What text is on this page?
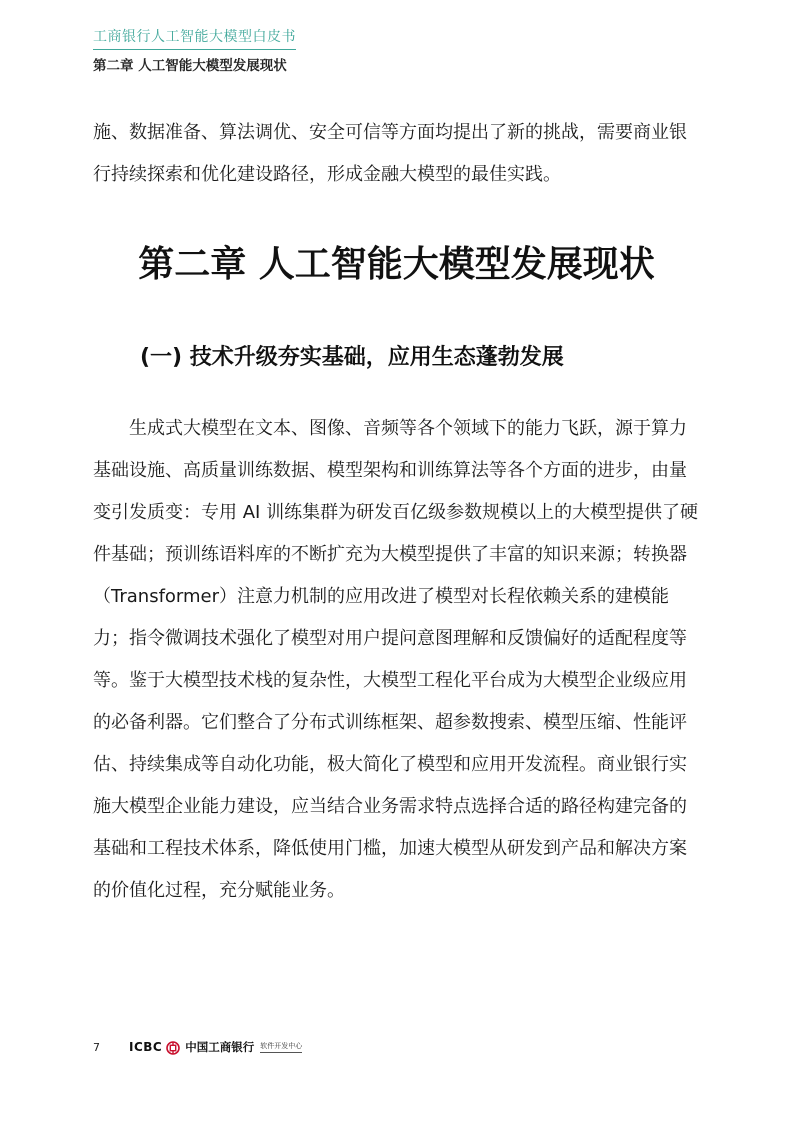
工商银行人工智能大模型白皮书
第二章 人工智能大模型发展现状

施、数据准备、算法调优、安全可信等方面均提出了新的挑战，需要商业银行持续探索和优化建设路径，形成金融大模型的最佳实践。

第二章 人工智能大模型发展现状
(一) 技术升级夯实基础，应用生态蓬勃发展

生成式大模型在文本、图像、音频等各个领域下的能力飞跃，源于算力基础设施、高质量训练数据、模型架构和训练算法等各个方面的进步，由量变引发质变：专用 AI 训练集群为研发百亿级参数规模以上的大模型提供了硬件基础；预训练语料库的不断扩充为大模型提供了丰富的知识来源；转换器（Transformer）注意力机制的应用改进了模型对长程依赖关系的建模能力；指令微调技术强化了模型对用户提问意图理解和反馈偏好的适配程度等等。鉴于大模型技术栈的复杂性，大模型工程化平台成为大模型企业级应用的必备利器。它们整合了分布式训练框架、超参数搜索、模型压缩、性能评估、持续集成等自动化功能，极大简化了模型和应用开发流程。商业银行实施大模型企业能力建设，应当结合业务需求特点选择合适的路径构建完备的基础和工程技术体系，降低使用门槛，加速大模型从研发到产品和解决方案的价值化过程，充分赋能业务。

7	ICBC 中国工商银行 软件开发中心
